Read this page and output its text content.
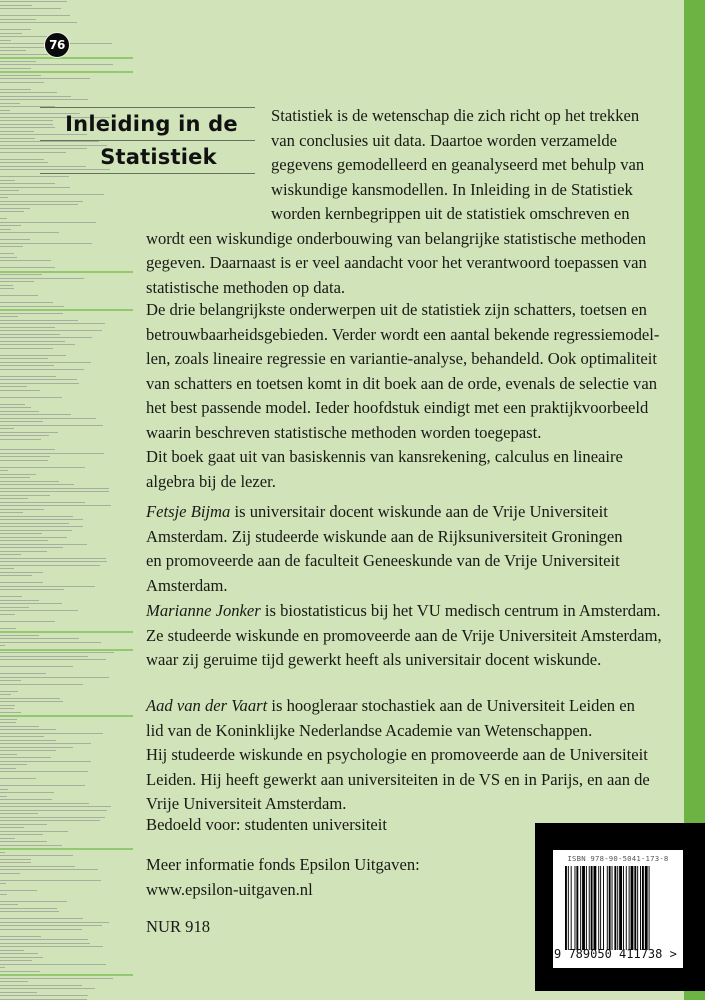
76
Inleiding in de
Statistiek
Statistiek is de wetenschap die zich richt op het trekken
van conclusies uit data. Daartoe worden verzamelde
gegevens gemodelleerd en geanalyseerd met behulp van
wiskundige kansmodellen. In Inleiding in de Statistiek
worden kernbegrippen uit de statistiek omschreven en
wordt een wiskundige onderbouwing van belangrijke statistische methoden
gegeven. Daarnaast is er veel aandacht voor het verantwoord toepassen van
statistische methoden op data.
De drie belangrijkste onderwerpen uit de statistiek zijn schatters, toetsen en
betrouwbaarheidsgebieden. Verder wordt een aantal bekende regressiemodel-
len, zoals lineaire regressie en variantie-analyse, behandeld. Ook optimaliteit
van schatters en toetsen komt in dit boek aan de orde, evenals de selectie van
het best passende model. Ieder hoofdstuk eindigt met een praktijkvoorbeeld
waarin beschreven statistische methoden worden toegepast.
Dit boek gaat uit van basiskennis van kansrekening, calculus en lineaire
algebra bij de lezer.
Fetsje Bijma is universitair docent wiskunde aan de Vrije Universiteit
Amsterdam. Zij studeerde wiskunde aan de Rijksuniversiteit Groningen
en promoveerde aan de faculteit Geneeskunde van de Vrije Universiteit
Amsterdam.
Marianne Jonker is biostatisticus bij het VU medisch centrum in Amsterdam.
Ze studeerde wiskunde en promoveerde aan de Vrije Universiteit Amsterdam,
waar zij geruime tijd gewerkt heeft als universitair docent wiskunde.
Aad van der Vaart is hoogleraar stochastiek aan de Universiteit Leiden en
lid van de Koninklijke Nederlandse Academie van Wetenschappen.
Hij studeerde wiskunde en psychologie en promoveerde aan de Universiteit
Leiden. Hij heeft gewerkt aan universiteiten in de VS en in Parijs, en aan de
Vrije Universiteit Amsterdam.
Bedoeld voor: studenten universiteit
Meer informatie fonds Epsilon Uitgaven:
www.epsilon-uitgaven.nl
NUR 918
ISBN 978-90-5041-173-8
9 789050 411738 >
